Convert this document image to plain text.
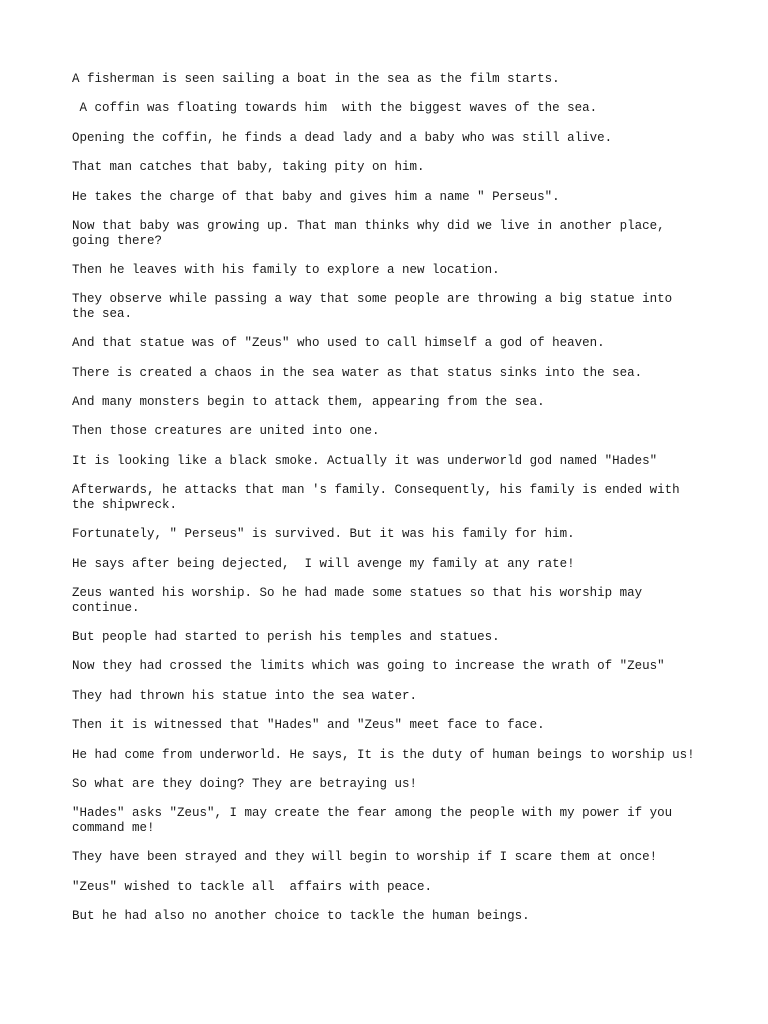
A fisherman is seen sailing a boat in the sea as the film starts.

A coffin was floating towards him  with the biggest waves of the sea.

Opening the coffin, he finds a dead lady and a baby who was still alive.

That man catches that baby, taking pity on him.

He takes the charge of that baby and gives him a name " Perseus".

Now that baby was growing up. That man thinks why did we live in another place, going there?

Then he leaves with his family to explore a new location.

They observe while passing a way that some people are throwing a big statue into the sea.

And that statue was of "Zeus" who used to call himself a god of heaven.

There is created a chaos in the sea water as that status sinks into the sea.

And many monsters begin to attack them, appearing from the sea.

Then those creatures are united into one.

It is looking like a black smoke. Actually it was underworld god named "Hades"

Afterwards, he attacks that man 's family. Consequently, his family is ended with the shipwreck.

Fortunately, " Perseus" is survived. But it was his family for him.

He says after being dejected,  I will avenge my family at any rate!

Zeus wanted his worship. So he had made some statues so that his worship may continue.

But people had started to perish his temples and statues.

Now they had crossed the limits which was going to increase the wrath of "Zeus"

They had thrown his statue into the sea water.

Then it is witnessed that "Hades" and "Zeus" meet face to face.

He had come from underworld. He says, It is the duty of human beings to worship us!

So what are they doing? They are betraying us!

"Hades" asks "Zeus", I may create the fear among the people with my power if you command me!

They have been strayed and they will begin to worship if I scare them at once!

"Zeus" wished to tackle all  affairs with peace.

But he had also no another choice to tackle the human beings.
